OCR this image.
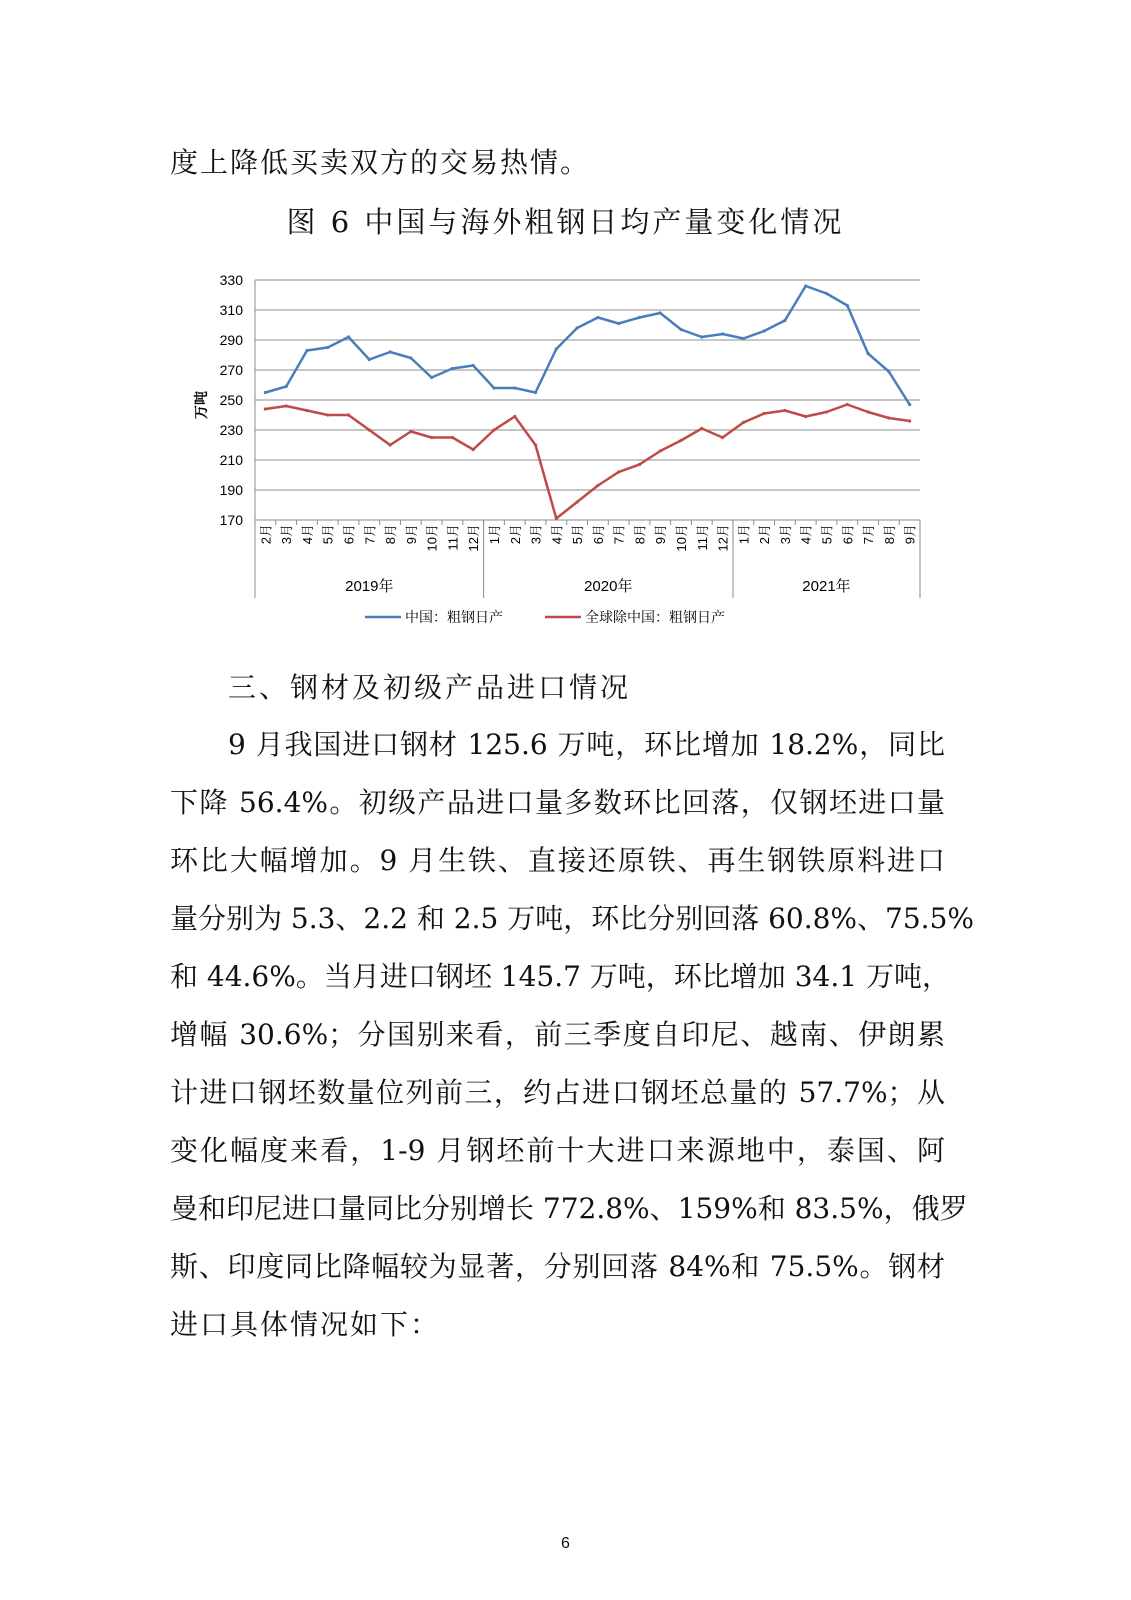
度上降低买卖双方的交易热情。
图 6 中国与海外粗钢日均产量变化情况
170
190
210
230
250
270
290
310
330
万吨
2019年	2020年	2021年
2月 3月 4月 5月 6月 7月 8月 9月 10月 11月 12月 1月 2月 3月 4月 5月 6月 7月 8月 9月 10月 11月 12月 1月 2月 3月 4月 5月 6月 7月 8月 9月
中国：粗钢日产	全球除中国：粗钢日产
三、钢材及初级产品进口情况
9 月我国进口钢材 125.6 万吨，环比增加 18.2%，同比
下降 56.4%。初级产品进口量多数环比回落，仅钢坯进口量
环比大幅增加。9 月生铁、直接还原铁、再生钢铁原料进口
量分别为 5.3、2.2 和 2.5 万吨，环比分别回落 60.8%、75.5%
和 44.6%。当月进口钢坯 145.7 万吨，环比增加 34.1 万吨，
增幅 30.6%；分国别来看，前三季度自印尼、越南、伊朗累
计进口钢坯数量位列前三，约占进口钢坯总量的 57.7%；从
变化幅度来看，1-9 月钢坯前十大进口来源地中，泰国、阿
曼和印尼进口量同比分别增长 772.8%、159%和 83.5%，俄罗
斯、印度同比降幅较为显著，分别回落 84%和 75.5%。钢材
进口具体情况如下：
6
